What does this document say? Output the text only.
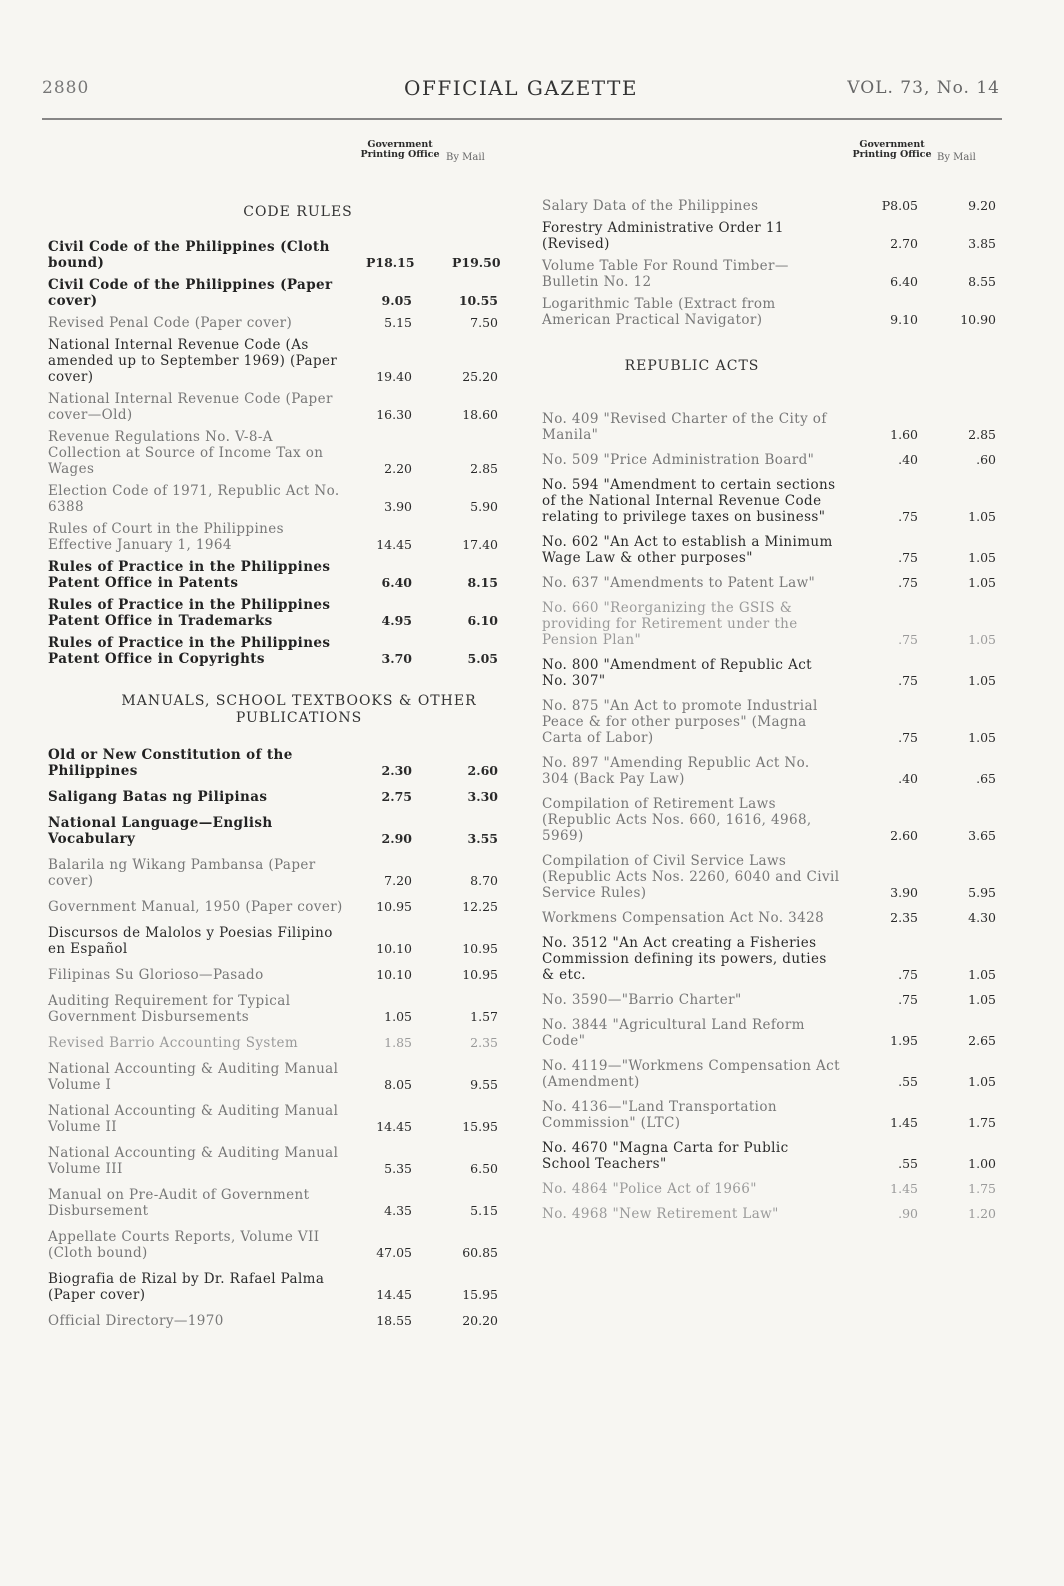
2880	OFFICIAL GAZETTE	VOL. 73, No. 14
Government Printing Office By Mail
CODE RULES
Civil Code of the Philippines (Cloth bound)	P18.15	P19.50
Civil Code of the Philippines (Paper cover)	9.05	10.55
Revised Penal Code (Paper cover)	5.15	7.50
National Internal Revenue Code (As amended up to September 1969) (Paper cover)	19.40	25.20
National Internal Revenue Code (Paper cover—Old)	16.30	18.60
Revenue Regulations No. V-8-A Collection at Source of Income Tax on Wages	2.20	2.85
Election Code of 1971, Republic Act No. 6388	3.90	5.90
Rules of Court in the Philippines Effective January 1, 1964	14.45	17.40
Rules of Practice in the Philippines Patent Office in Patents	6.40	8.15
Rules of Practice in the Philippines Patent Office in Trademarks	4.95	6.10
Rules of Practice in the Philippines Patent Office in Copyrights	3.70	5.05
MANUALS, SCHOOL TEXTBOOKS & OTHER PUBLICATIONS
Old or New Constitution of the Philippines	2.30	2.60
Saligang Batas ng Pilipinas	2.75	3.30
National Language—English Vocabulary	2.90	3.55
Balarila ng Wikang Pambansa (Paper cover)	7.20	8.70
Government Manual, 1950 (Paper cover)	10.95	12.25
Discursos de Malolos y Poesias Filipino en Español	10.10	10.95
Filipinas Su Glorioso—Pasado	10.10	10.95
Auditing Requirement for Typical Government Disbursements	1.05	1.57
Revised Barrio Accounting System	1.85	2.35
National Accounting & Auditing Manual Volume I	8.05	9.55
National Accounting & Auditing Manual Volume II	14.45	15.95
National Accounting & Auditing Manual Volume III	5.35	6.50
Manual on Pre-Audit of Government Disbursement	4.35	5.15
Appellate Courts Reports, Volume VII (Cloth bound)	47.05	60.85
Biografia de Rizal by Dr. Rafael Palma (Paper cover)	14.45	15.95
Official Directory—1970	18.55	20.20
Government Printing Office By Mail
Salary Data of the Philippines	P8.05	9.20
Forestry Administrative Order 11 (Revised)	2.70	3.85
Volume Table For Round Timber—Bulletin No. 12	6.40	8.55
Logarithmic Table (Extract from American Practical Navigator)	9.10	10.90
REPUBLIC ACTS
No. 409 "Revised Charter of the City of Manila"	1.60	2.85
No. 509 "Price Administration Board"	.40	.60
No. 594 "Amendment to certain sections of the National Internal Revenue Code relating to privilege taxes on business"	.75	1.05
No. 602 "An Act to establish a Minimum Wage Law & other purposes"	.75	1.05
No. 637 "Amendments to Patent Law"	.75	1.05
No. 660 "Reorganizing the GSIS & providing for Retirement under the Pension Plan"	.75	1.05
No. 800 "Amendment of Republic Act No. 307"	.75	1.05
No. 875 "An Act to promote Industrial Peace & for other purposes" (Magna Carta of Labor)	.75	1.05
No. 897 "Amending Republic Act No. 304 (Back Pay Law)	.40	.65
Compilation of Retirement Laws (Republic Acts Nos. 660, 1616, 4968, 5969)	2.60	3.65
Compilation of Civil Service Laws (Republic Acts Nos. 2260, 6040 and Civil Service Rules)	3.90	5.95
Workmens Compensation Act No. 3428	2.35	4.30
No. 3512 "An Act creating a Fisheries Commission defining its powers, duties & etc.	.75	1.05
No. 3590—"Barrio Charter"	.75	1.05
No. 3844 "Agricultural Land Reform Code"	1.95	2.65
No. 4119—"Workmens Compensation Act (Amendment)	.55	1.05
No. 4136—"Land Transportation Commission" (LTC)	1.45	1.75
No. 4670 "Magna Carta for Public School Teachers"	.55	1.00
No. 4864 "Police Act of 1966"	1.45	1.75
No. 4968 "New Retirement Law"	.90	1.20
